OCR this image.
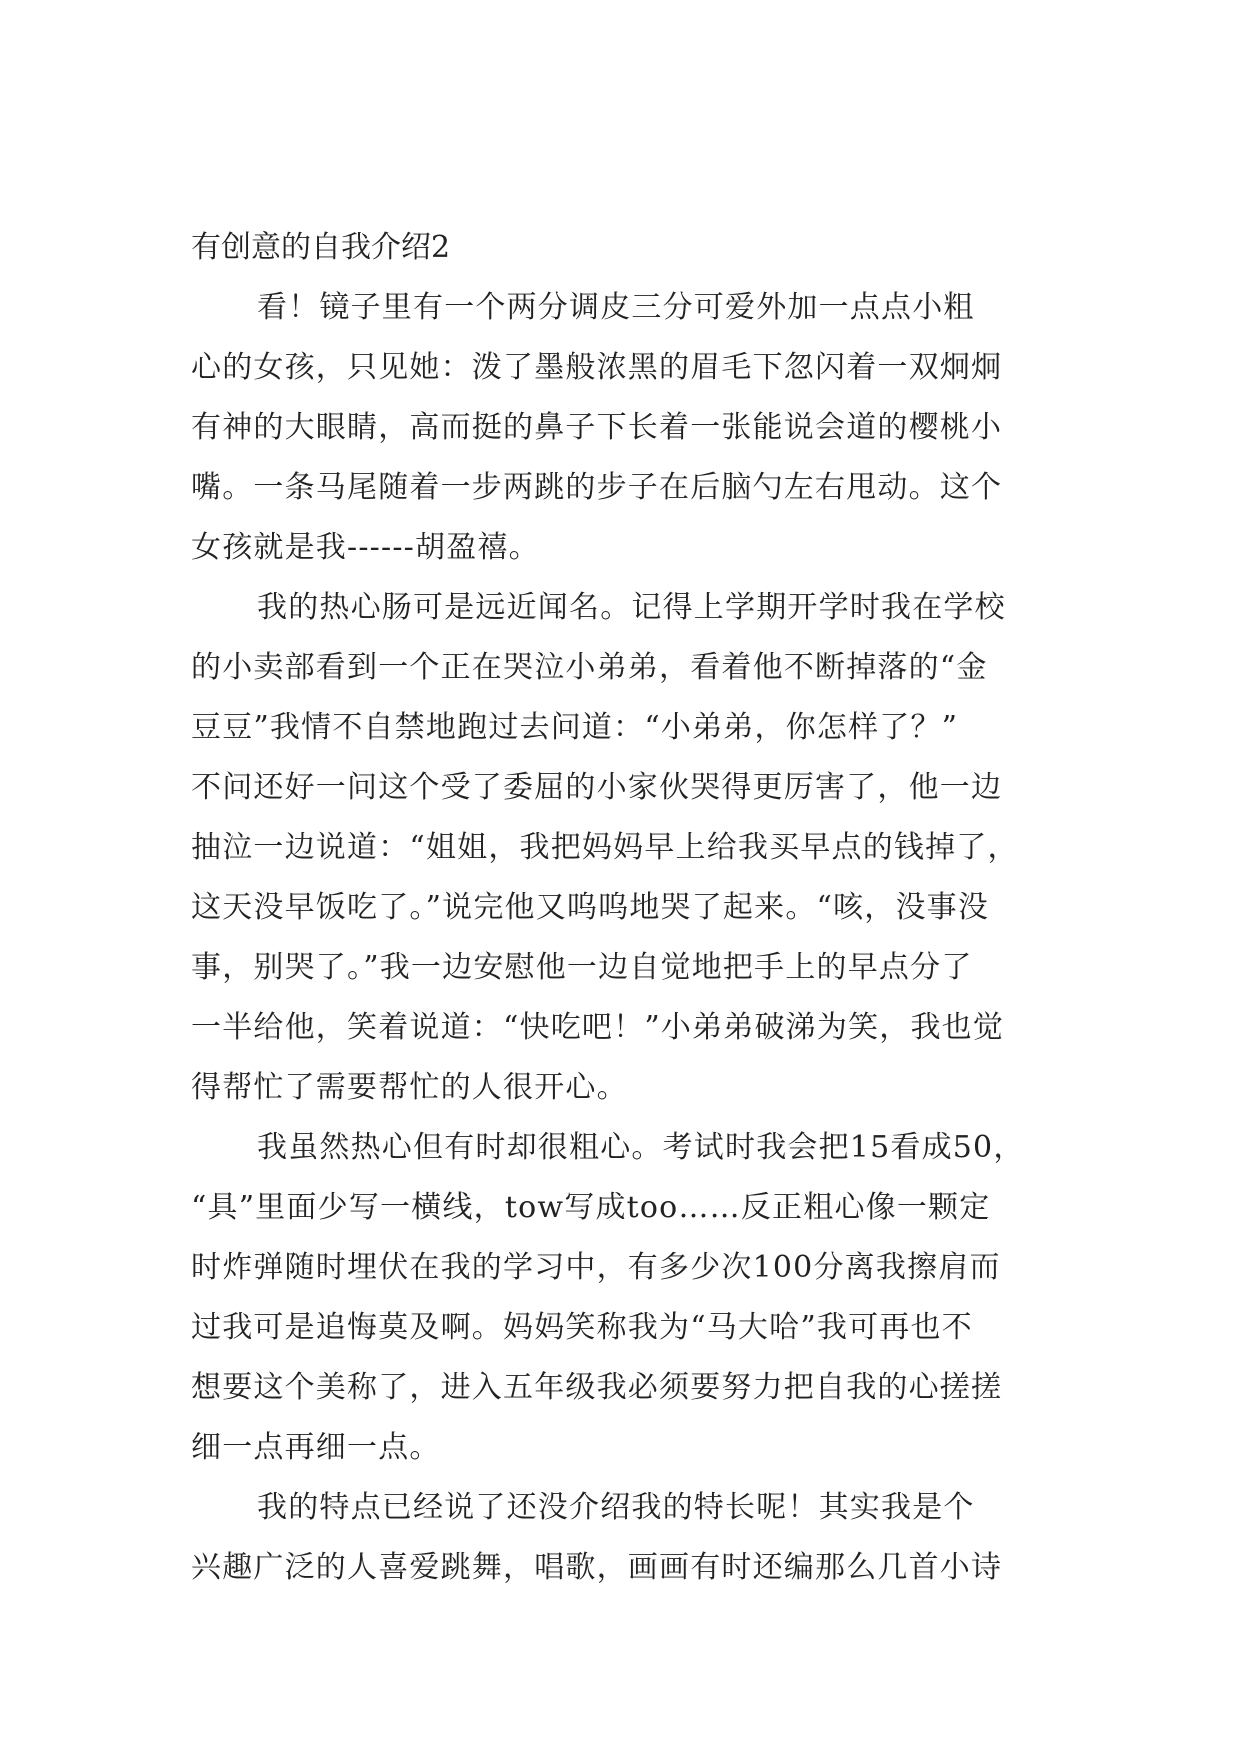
有创意的自我介绍2

看！镜子里有一个两分调皮三分可爱外加一点点小粗

心的女孩，只见她：泼了墨般浓黑的眉毛下忽闪着一双炯炯

有神的大眼睛，高而挺的鼻子下长着一张能说会道的樱桃小

嘴。一条马尾随着一步两跳的步子在后脑勺左右甩动。这个

女孩就是我------胡盈禧。

我的热心肠可是远近闻名。记得上学期开学时我在学校

的小卖部看到一个正在哭泣小弟弟，看着他不断掉落的“金

豆豆”我情不自禁地跑过去问道：“小弟弟，你怎样了？”

不问还好一问这个受了委屈的小家伙哭得更厉害了，他一边

抽泣一边说道：“姐姐，我把妈妈早上给我买早点的钱掉了，

这天没早饭吃了。”说完他又呜呜地哭了起来。“咳，没事没

事，别哭了。”我一边安慰他一边自觉地把手上的早点分了

一半给他，笑着说道：“快吃吧！”小弟弟破涕为笑，我也觉

得帮忙了需要帮忙的人很开心。

我虽然热心但有时却很粗心。考试时我会把15看成50，

“具”里面少写一横线，tow写成too……反正粗心像一颗定

时炸弹随时埋伏在我的学习中，有多少次100分离我擦肩而

过我可是追悔莫及啊。妈妈笑称我为“马大哈”我可再也不

想要这个美称了，进入五年级我必须要努力把自我的心搓搓

细一点再细一点。

我的特点已经说了还没介绍我的特长呢！其实我是个

兴趣广泛的人喜爱跳舞，唱歌，画画有时还编那么几首小诗
